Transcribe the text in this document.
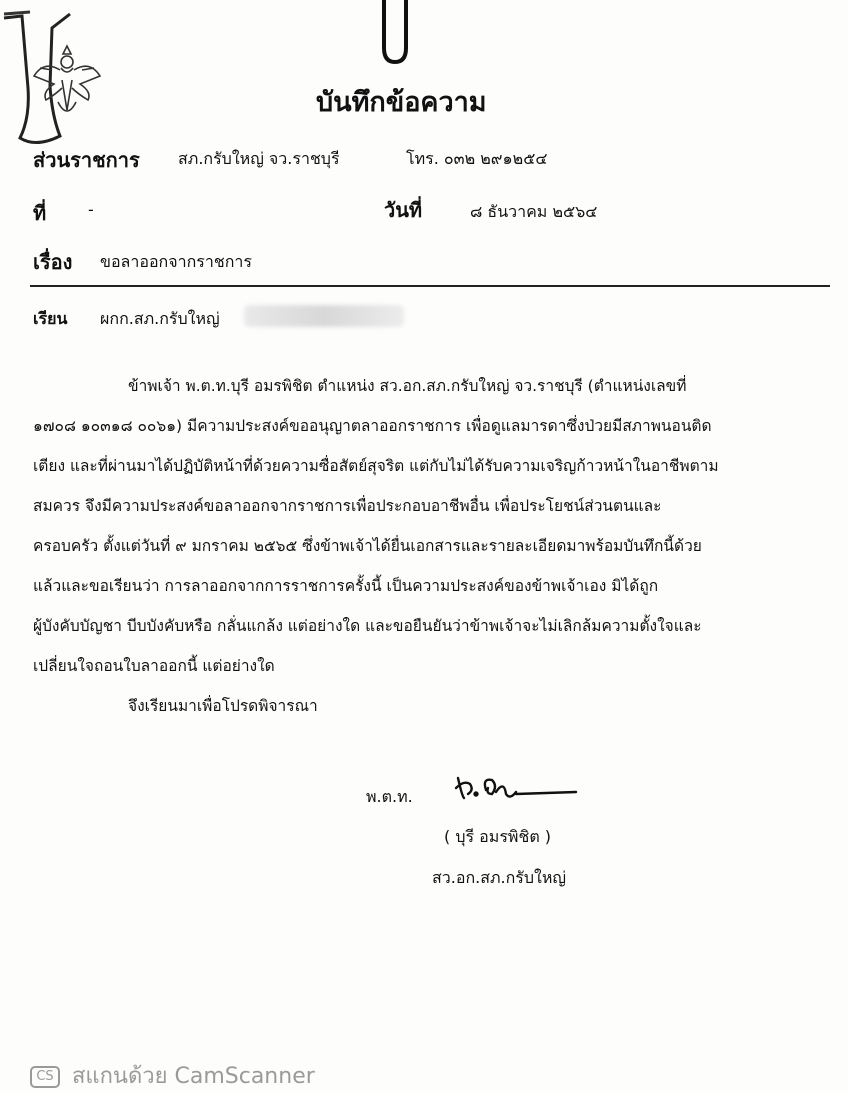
บันทึกข้อความ
ส่วนราชการ สภ.กรับใหญ่ จว.ราชบุรี	โทร. ๐๓๒ ๒๙๑๒๕๔
ที่	-	วันที่	๘ ธันวาคม ๒๕๖๔
เรื่อง ขอลาออกจากราชการ
เรียน ผกก.สภ.กรับใหญ่
ข้าพเจ้า พ.ต.ท.บุรี อมรพิชิต ตำแหน่ง สว.อก.สภ.กรับใหญ่ จว.ราชบุรี (ตำแหน่งเลขที่
๑๗๐๘ ๑๐๓๑๘ ๐๐๖๑) มีความประสงค์ขออนุญาตลาออกราชการ เพื่อดูแลมารดาซึ่งป่วยมีสภาพนอนติด
เตียง และที่ผ่านมาได้ปฏิบัติหน้าที่ด้วยความซื่อสัตย์สุจริต แต่กับไม่ได้รับความเจริญก้าวหน้าในอาชีพตาม
สมควร จึงมีความประสงค์ขอลาออกจากราชการเพื่อประกอบอาชีพอื่น เพื่อประโยชน์ส่วนตนและ
ครอบครัว ตั้งแต่วันที่ ๙ มกราคม ๒๕๖๕ ซึ่งข้าพเจ้าได้ยื่นเอกสารและรายละเอียดมาพร้อมบันทึกนี้ด้วย
แล้วและขอเรียนว่า การลาออกจากการราชการครั้งนี้ เป็นความประสงค์ของข้าพเจ้าเอง มิได้ถูก
ผู้บังคับบัญชา บีบบังคับหรือ กลั่นแกล้ง แต่อย่างใด และขอยืนยันว่าข้าพเจ้าจะไม่เลิกล้มความตั้งใจและ
เปลี่ยนใจถอนใบลาออกนี้ แต่อย่างใด
จึงเรียนมาเพื่อโปรดพิจารณา
พ.ต.ท.
( บุรี อมรพิชิต )
สว.อก.สภ.กรับใหญ่
CS สแกนด้วย CamScanner
